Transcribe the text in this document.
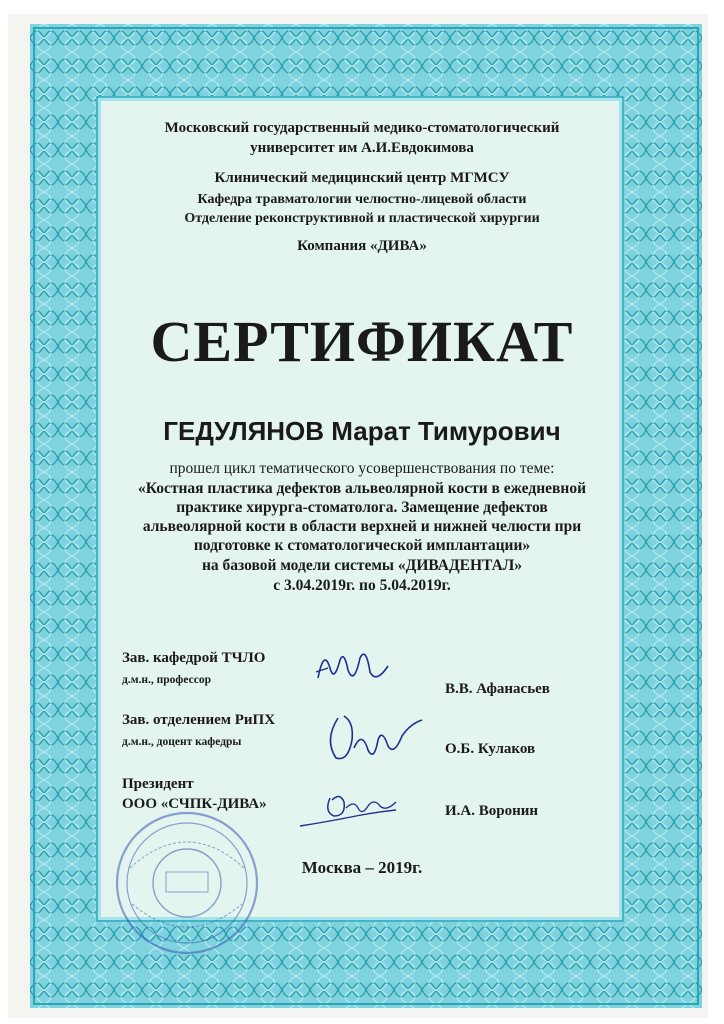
Московский государственный медико-стоматологический
университет им А.И.Евдокимова
Клинический медицинский центр МГМСУ
Кафедра травматологии челюстно-лицевой области
Отделение реконструктивной и пластической хирургии
Компания «ДИВА»
СЕРТИФИКАТ
ГЕДУЛЯНОВ Марат Тимурович
прошел цикл тематического усовершенствования по теме:
«Костная пластика дефектов альвеолярной кости в ежедневной
практике хирурга-стоматолога. Замещение дефектов
альвеолярной кости в области верхней и нижней челюсти при
подготовке к стоматологической имплантации»
на базовой модели системы «ДИВАДЕНТАЛ»
с 3.04.2019г. по 5.04.2019г.
Зав. кафедрой ТЧЛО
д.м.н., профессор
В.В. Афанасьев
Зав. отделением РиПХ
д.м.н., доцент кафедры	О.Б. Кулаков
Президент
ООО «СЧПК-ДИВА»	И.А. Воронин
Москва – 2019г.
